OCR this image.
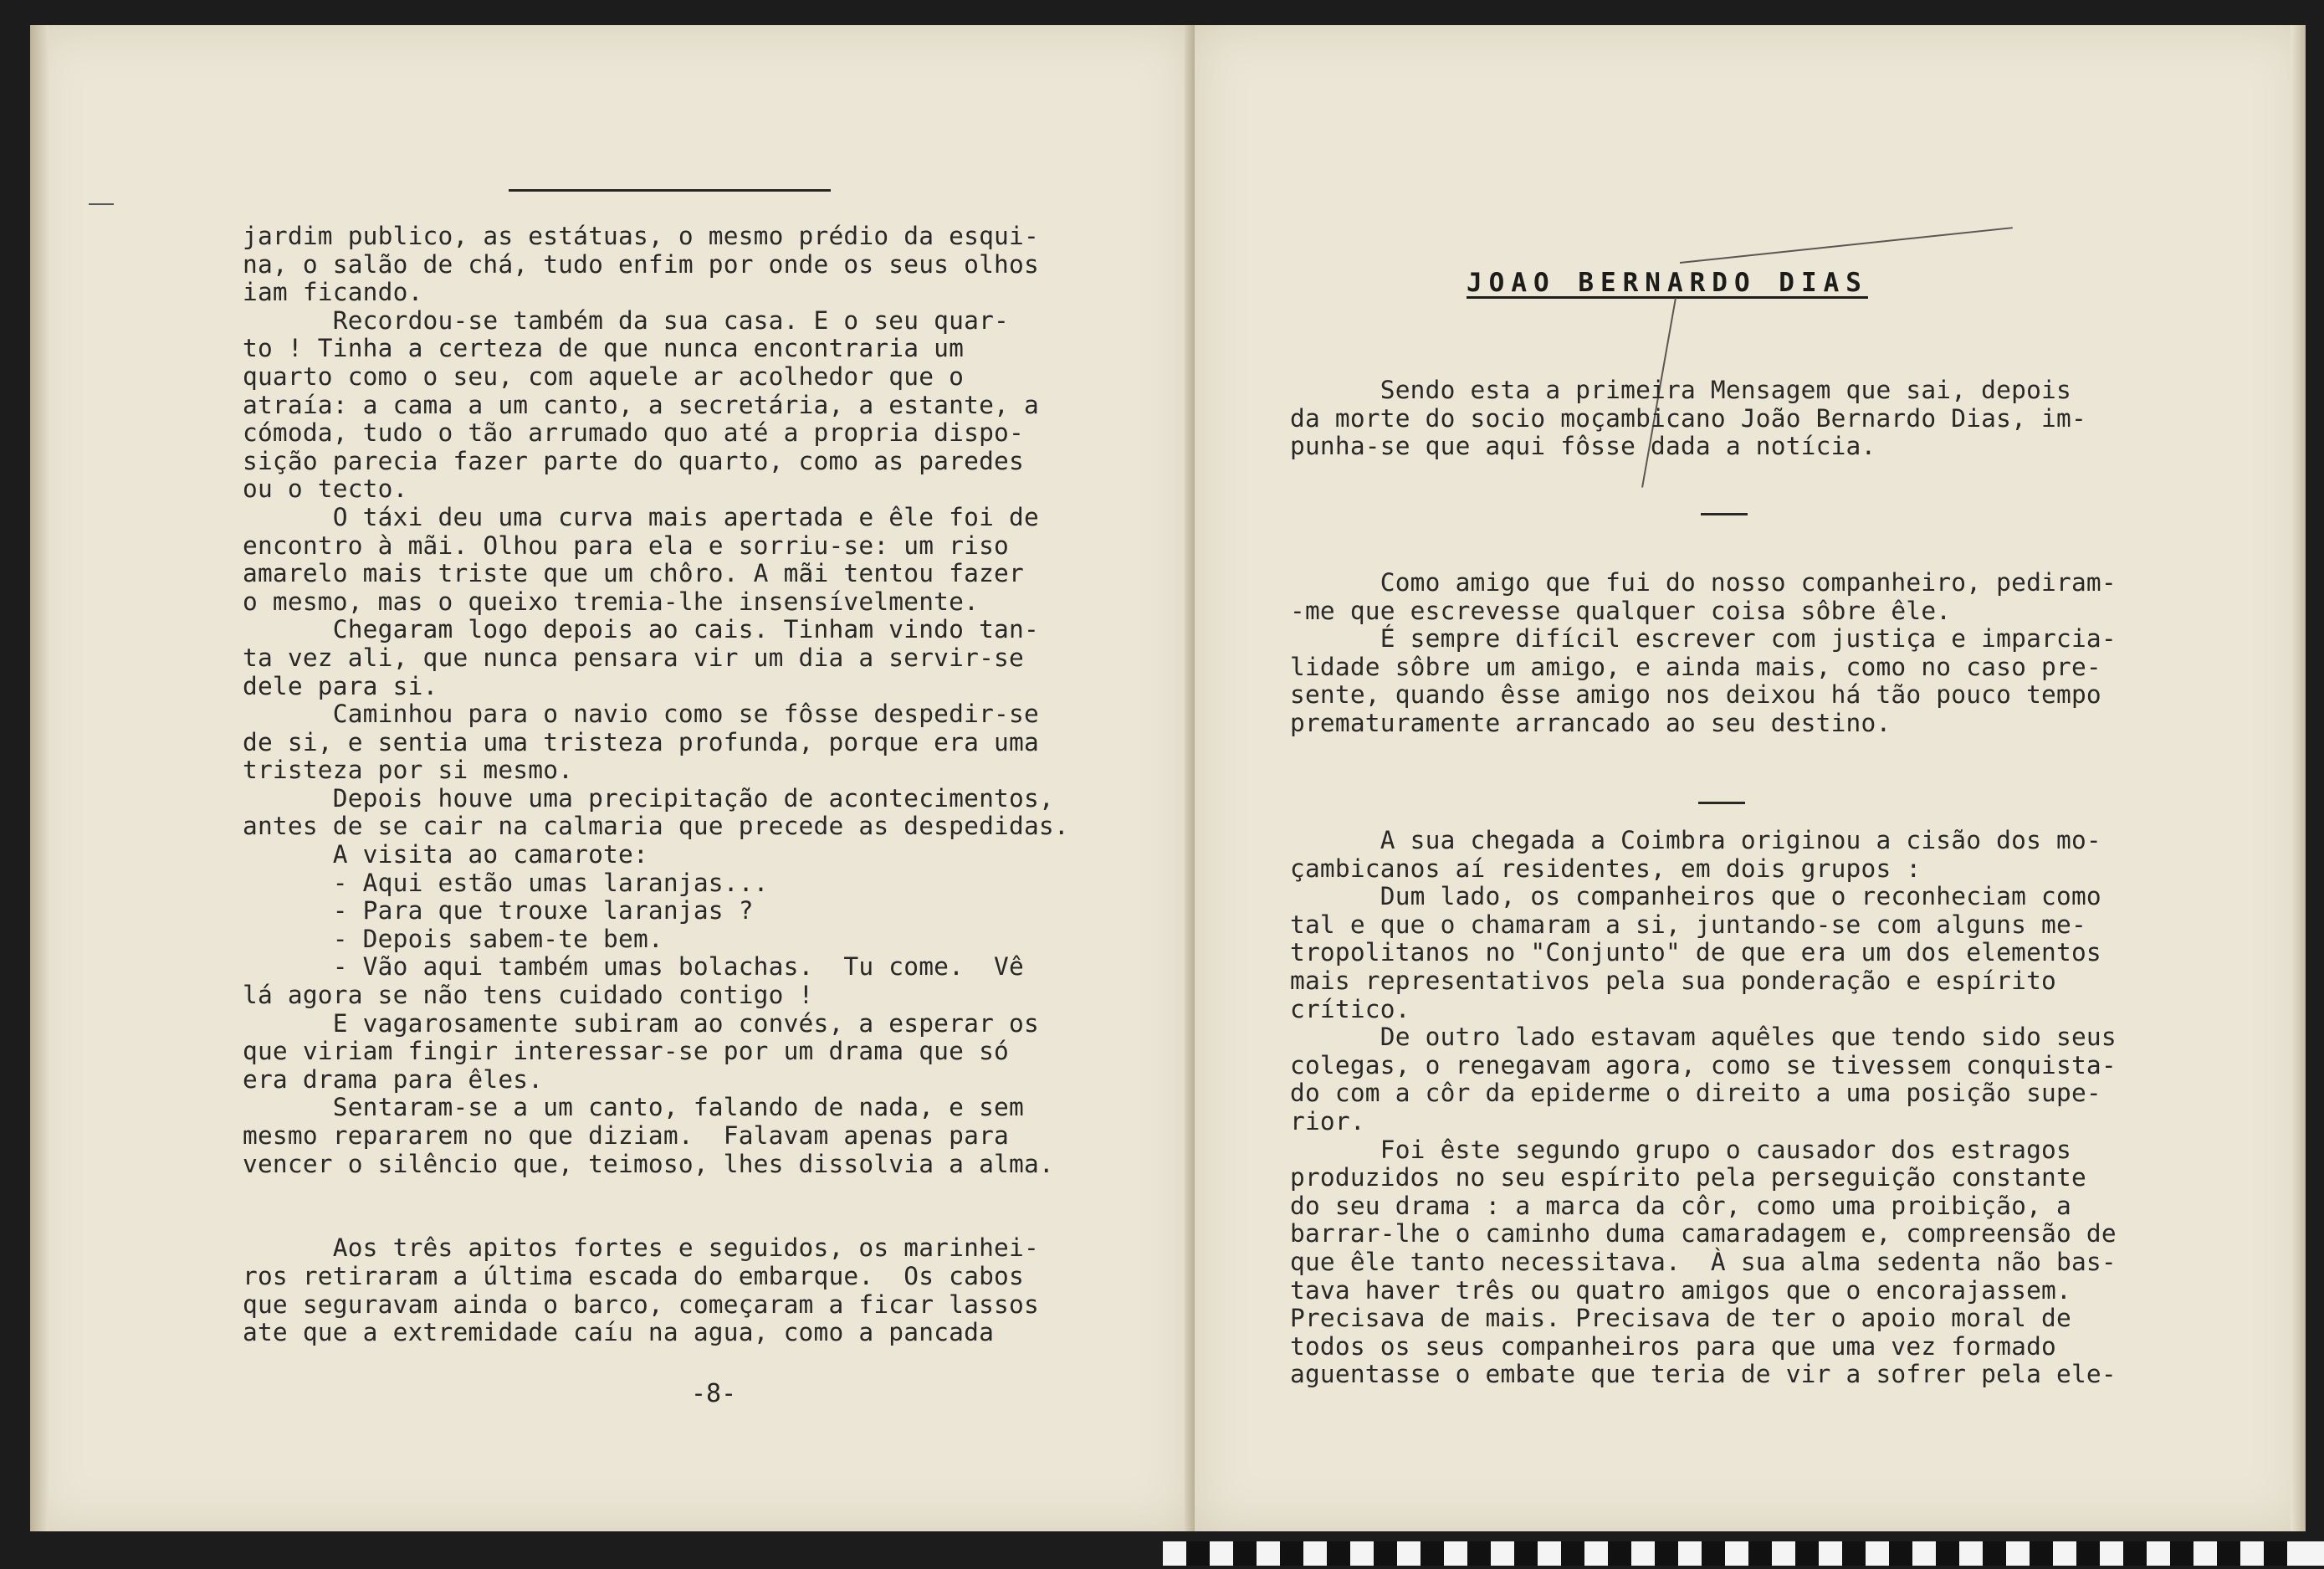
jardim publico, as estátuas, o mesmo prédio da esqui-
na, o salão de chá, tudo enfim por onde os seus olhos
iam ficando.
Recordou-se também da sua casa. E o seu quar-
to ! Tinha a certeza de que nunca encontraria um
quarto como o seu, com aquele ar acolhedor que o
atraía: a cama a um canto, a secretária, a estante, a
cómoda, tudo o tão arrumado quo até a propria dispo-
sição parecia fazer parte do quarto, como as paredes
ou o tecto.
O táxi deu uma curva mais apertada e êle foi de
encontro à mãi. Olhou para ela e sorriu-se: um riso
amarelo mais triste que um chôro. A mãi tentou fazer
o mesmo, mas o queixo tremia-lhe insensívelmente.
Chegaram logo depois ao cais. Tinham vindo tan-
ta vez ali, que nunca pensara vir um dia a servir-se
dele para si.
Caminhou para o navio como se fôsse despedir-se
de si, e sentia uma tristeza profunda, porque era uma
tristeza por si mesmo.
Depois houve uma precipitação de acontecimentos,
antes de se cair na calmaria que precede as despedidas.
A visita ao camarote:
- Aqui estão umas laranjas...
- Para que trouxe laranjas ?
- Depois sabem-te bem.
- Vão aqui também umas bolachas.  Tu come.  Vê
lá agora se não tens cuidado contigo !
E vagarosamente subiram ao convés, a esperar os
que viriam fingir interessar-se por um drama que só
era drama para êles.
Sentaram-se a um canto, falando de nada, e sem
mesmo repararem no que diziam.  Falavam apenas para
vencer o silêncio que, teimoso, lhes dissolvia a alma.

Aos três apitos fortes e seguidos, os marinhei-
ros retiraram a última escada do embarque.  Os cabos
que seguravam ainda o barco, começaram a ficar lassos
ate que a extremidade caíu na agua, como a pancada
-8-
JOAO BERNARDO DIAS
Sendo esta a primeira Mensagem que sai, depois
da morte do socio moçambicano João Bernardo Dias, im-
punha-se que aqui fôsse dada a notícia.
Como amigo que fui do nosso companheiro, pediram-
-me que escrevesse qualquer coisa sôbre êle.
É sempre difícil escrever com justiça e imparcia-
lidade sôbre um amigo, e ainda mais, como no caso pre-
sente, quando êsse amigo nos deixou há tão pouco tempo
prematuramente arrancado ao seu destino.
A sua chegada a Coimbra originou a cisão dos mo-
çambicanos aí residentes, em dois grupos :
Dum lado, os companheiros que o reconheciam como
tal e que o chamaram a si, juntando-se com alguns me-
tropolitanos no "Conjunto" de que era um dos elementos
mais representativos pela sua ponderação e espírito
crítico.
De outro lado estavam aquêles que tendo sido seus
colegas, o renegavam agora, como se tivessem conquista-
do com a côr da epiderme o direito a uma posição supe-
rior.
Foi êste segundo grupo o causador dos estragos
produzidos no seu espírito pela perseguição constante
do seu drama : a marca da côr, como uma proibição, a
barrar-lhe o caminho duma camaradagem e, compreensão de
que êle tanto necessitava.  À sua alma sedenta não bas-
tava haver três ou quatro amigos que o encorajassem.
Precisava de mais. Precisava de ter o apoio moral de
todos os seus companheiros para que uma vez formado
aguentasse o embate que teria de vir a sofrer pela ele-
